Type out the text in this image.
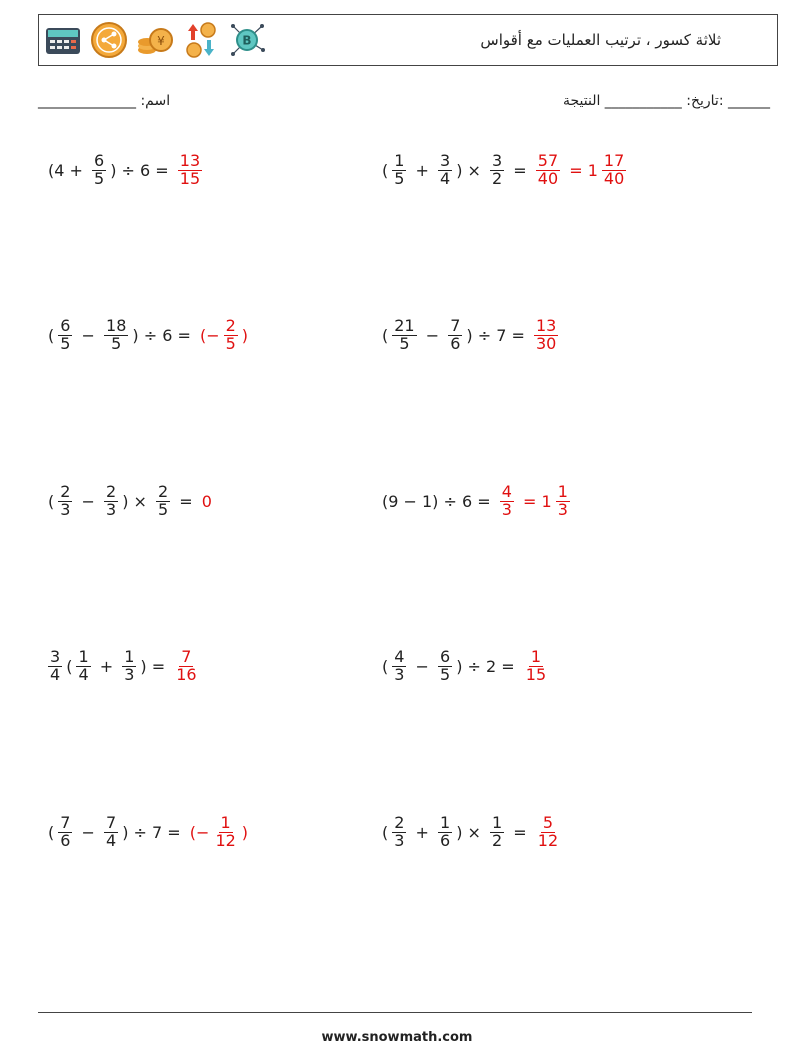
¥	B	ثلاثة كسور ، ترتيب العمليات مع أقواس
اسم: ______________	______ :تاريخ: ___________ النتيجة
($4 + \frac{6}{5}$ ) ÷ $6 = \frac{13}{15}$	( $\frac{1}{5} + \frac{3}{4}$ ) × $\frac{3}{2} = \frac{57}{40} = 1 \frac{17}{40}$
( $\frac{6}{5} - \frac{18}{5}$ ) ÷ 6 = (− $\frac{2}{5}$ )	( $\frac{21}{5} - \frac{7}{6}$ ) ÷ $7 = \frac{13}{30}$
( $\frac{2}{3} - \frac{2}{3}$ ) × $\frac{2}{5} = 0$	$(9 - 1) \div 6 = \frac{4}{3} = 1 \frac{1}{3}$
$\frac{3}{4}$ ( $\frac{1}{4} + \frac{1}{3}$ ) = $\frac{7}{16}$	( $\frac{4}{3} - \frac{6}{5}$ ) ÷ $2 = \frac{1}{15}$
( $\frac{7}{6} - \frac{7}{4}$ ) ÷ 7 = (− $\frac{1}{12}$ )	( $\frac{2}{3} + \frac{1}{6}$ ) × $\frac{1}{2} = \frac{5}{12}$
www.snowmath.com
